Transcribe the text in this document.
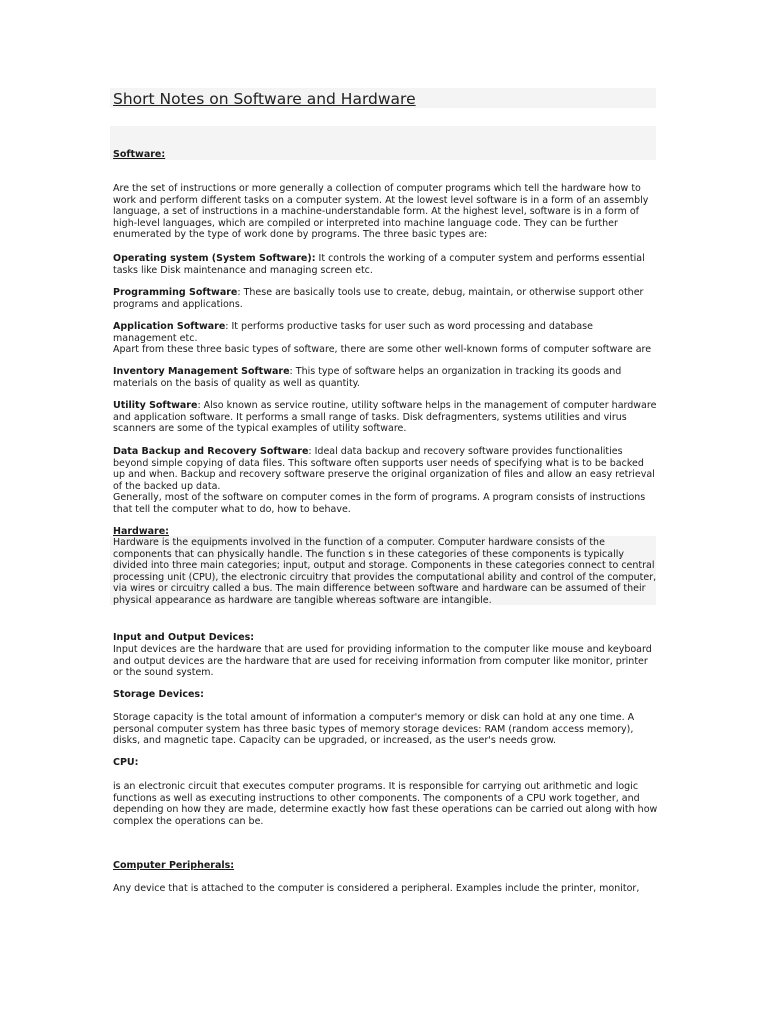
Short Notes on Software and Hardware
Software:

Are the set of instructions or more generally a collection of computer programs which tell the hardware how to work and perform different tasks on a computer system. At the lowest level software is in a form of an assembly language, a set of instructions in a machine-understandable form. At the highest level, software is in a form of high-level languages, which are compiled or interpreted into machine language code. They can be further enumerated by the type of work done by programs. The three basic types are:

Operating system (System Software): It controls the working of a computer system and performs essential tasks like Disk maintenance and managing screen etc.

Programming Software: These are basically tools use to create, debug, maintain, or otherwise support other programs and applications.

Application Software: It performs productive tasks for user such as word processing and database management etc.

Apart from these three basic types of software, there are some other well-known forms of computer software are

Inventory Management Software: This type of software helps an organization in tracking its goods and materials on the basis of quality as well as quantity.

Utility Software: Also known as service routine, utility software helps in the management of computer hardware and application software. It performs a small range of tasks. Disk defragmenters, systems utilities and virus scanners are some of the typical examples of utility software.

Data Backup and Recovery Software: Ideal data backup and recovery software provides functionalities beyond simple copying of data files. This software often supports user needs of specifying what is to be backed up and when. Backup and recovery software preserve the original organization of files and allow an easy retrieval of the backed up data.

Generally, most of the software on computer comes in the form of programs. A program consists of instructions that tell the computer what to do, how to behave.

Hardware:

Hardware is the equipments involved in the function of a computer. Computer hardware consists of the components that can physically handle. The function s in these categories of these components is typically divided into three main categories; input, output and storage. Components in these categories connect to central processing unit (CPU), the electronic circuitry that provides the computational ability and control of the computer, via wires or circuitry called a bus. The main difference between software and hardware can be assumed of their physical appearance as hardware are tangible whereas software are intangible.

Input and Output Devices:

Input devices are the hardware that are used for providing information to the computer like mouse and keyboard and output devices are the hardware that are used for receiving information from computer like monitor, printer or the sound system.

Storage Devices:

Storage capacity is the total amount of information a computer's memory or disk can hold at any one time. A personal computer system has three basic types of memory storage devices: RAM (random access memory), disks, and magnetic tape. Capacity can be upgraded, or increased, as the user's needs grow.

CPU:

is an electronic circuit that executes computer programs. It is responsible for carrying out arithmetic and logic functions as well as executing instructions to other components. The components of a CPU work together, and depending on how they are made, determine exactly how fast these operations can be carried out along with how complex the operations can be.

Computer Peripherals:

Any device that is attached to the computer is considered a peripheral. Examples include the printer, monitor,
